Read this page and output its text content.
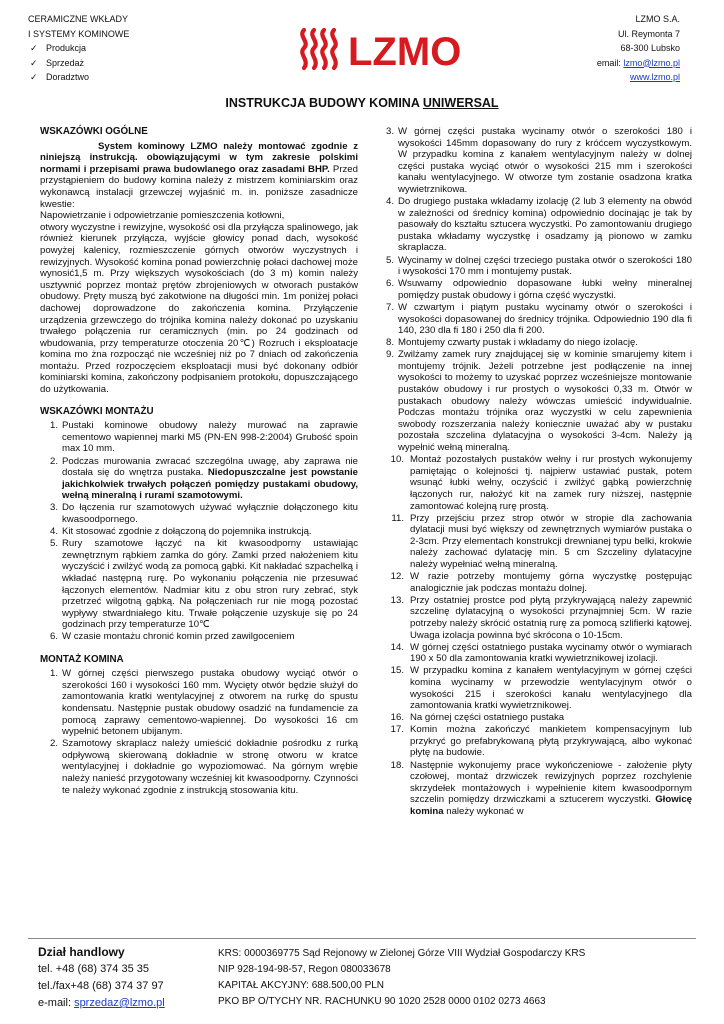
CERAMICZNE WKŁADY
I SYSTEMY KOMINOWE
✓ Produkcja
✓ Sprzedaż
✓ Doradztwo
LZMO
LZMO S.A.
Ul. Reymonta 7
68-300 Lubsko
email: lzmo@lzmo.pl
www.lzmo.pl
INSTRUKCJA BUDOWY KOMINA UNIWERSAL
WSKAZÓWKI OGÓLNE

System kominowy LZMO należy montować zgodnie z niniejszą instrukcją. obowiązującymi w tym zakresie polskimi normami i przepisami prawa budowlanego oraz zasadami BHP. Przed przystąpieniem do budowy komina należy z mistrzem kominiarskim oraz wykonawcą instalacji grzewczej wyjaśnić m. in. poniższe zasadnicze kwestie:

Napowietrzanie i odpowietrzanie pomieszczenia kotłowni,

otwory wyczystne i rewizyjne, wysokość osi dla przyłącza spalinowego, jak również kierunek przyłącza, wyjście głowicy ponad dach, wysokość powyżej kalenicy, rozmieszczenie górnych otworów wyczystnych i rewizyjnych. Wysokość komina ponad powierzchnię połaci dachowej może wynosić1,5 m. Przy większych wysokościach (do 3 m) komin należy usztywnić poprzez montaż prętów zbrojeniowych w otworach pustaków obudowy. Pręty muszą być zakotwione na długości min. 1m poniżej połaci dachowej doprowadzone do zakończenia komina. Przyłączenie urządzenia grzewczego do trójnika komina należy dokonać po uzyskaniu trwałego połączenia rur ceramicznych (min. po 24 godzinach od wbudowania, przy temperaturze otoczenia 20℃) Rozruch i eksploatacje komina mo żna rozpocząć nie wcześniej niż po 7 dniach od zakończenia montażu. Przed rozpoczęciem eksploatacji musi być dokonany odbiór kominiarski komina, zakończony podpisaniem protokołu, dopuszczającego do użytkowania.

WSKAZÓWKI MONTAŻU
1. Pustaki kominowe obudowy należy murować na zaprawie cementowo wapiennej marki M5 (PN-EN 998-2:2004) Grubość spoin max 10 mm.
2. Podczas murowania zwracać szczególna uwagę, aby zaprawa nie dostała się do wnętrza pustaka. Niedopuszczalne jest powstanie jakichkolwiek trwałych połączeń pomiędzy pustakami obudowy, wełną mineralną i rurami szamotowymi.
3. Do łączenia rur szamotowych używać wyłącznie dołączonego kitu kwasoodpornego.
4. Kit stosować zgodnie z dołączoną do pojemnika instrukcją.
5. Rury szamotowe łączyć na kit kwasoodporny ustawiając zewnętrznym rąbkiem zamka do góry. Zamki przed nałożeniem kitu wyczyścić i zwilżyć wodą za pomocą gąbki. Kit nakładać szpachelką i wkładać następną rurę. Po wykonaniu połączenia nie przesuwać łączonych elementów. Nadmiar kitu z obu stron rury zebrać, styk przetrzeć wilgotną gąbką. Na połączeniach rur nie mogą pozostać wypływy stwardniałego kitu. Trwałe połączenie uzyskuje się po 24 godzinach przy temperaturze 10℃
6. W czasie montażu chronić komin przed zawilgoceniem
MONTAŻ KOMINA
1. W górnej części pierwszego pustaka obudowy wyciąć otwór o szerokości 160 i wysokości 160 mm. Wycięty otwór będzie służył do zamontowania kratki wentylacyjnej z otworem na rurkę do spustu kondensatu. Następnie pustak obudowy osadzić na fundamencie za pomocą zaprawy cementowo-wapiennej. Do wysokości 16 cm wypełnić betonem ubijanym.
2. Szamotowy skraplacz należy umieścić dokładnie pośrodku z rurką odpływową skierowaną dokładnie w stronę otworu w kratce wentylacyjnej i dokładnie go wypoziomować. Na górnym wrębie należy nanieść przygotowany wcześniej kit kwasoodporny. Czynności te należy wykonać zgodnie z instrukcją stosowania kitu.
3. W górnej części pustaka wycinamy otwór o szerokości 180 i wysokości 145mm dopasowany do rury z króćcem wyczystkowym. W przypadku komina z kanałem wentylacyjnym należy w dolnej części pustaka wyciąć otwór o wysokości 215 mm i szerokości kanału wentylacyjnego. W otworze tym zostanie osadzona kratka wywietrznikowa.
4. Do drugiego pustaka wkładamy izolację (2 lub 3 elementy na obwód w zależności od średnicy komina) odpowiednio docinając je tak by pasowały do kształtu sztucera wyczystki. Po zamontowaniu drugiego pustaka wkładamy wyczystkę i osadzamy ją pionowo w zamku skraplacza.
5. Wycinamy w dolnej części trzeciego pustaka otwór o szerokości 180 i wysokości 170 mm i montujemy pustak.
6. Wsuwamy odpowiednio dopasowane łubki wełny mineralnej pomiędzy pustak obudowy i górna część wyczystki.
7. W czwartym i piątym pustaku wycinamy otwór o szerokości i wysokości dopasowanej do średnicy trójnika. Odpowiednio 190 dla fi 140, 230 dla fi 180 i 250 dla fi 200.
8. Montujemy czwarty pustak i wkładamy do niego izolację.
9. Zwilżamy zamek rury znajdującej się w kominie smarujemy kitem i montujemy trójnik. Jeżeli potrzebne jest podłączenie na innej wysokości to możemy to uzyskać poprzez wcześniejsze montowanie pustaków obudowy i rur prostych o wysokości 0,33 m. Otwór w pustakach obudowy należy wówczas umieścić indywidualnie. Podczas montażu trójnika oraz wyczystki w celu zapewnienia swobody rozszerzania należy koniecznie uważać aby w pustaku pozostała szczelina dylatacyjna o wysokości 3-4cm. Należy ją wypełnić wełną mineralną.
10. Montaż pozostałych pustaków wełny i rur prostych wykonujemy pamiętając o kolejności tj. najpierw ustawiać pustak, potem wsunąć łubki wełny, oczyścić i zwilżyć gąbką powierzchnię łączonych rur, nałożyć kit na zamek rury niższej, następnie zamontować kolejną rurę prostą.
11. Przy przejściu przez strop otwór w stropie dla zachowania dylatacji musi być większy od zewnętrznych wymiarów pustaka o 2-3cm. Przy elementach konstrukcji drewnianej typu belki, krokwie należy zachować dylatację min. 5 cm Szczeliny dylatacyjne należy wypełniać wełną mineralną.
12. W razie potrzeby montujemy górna wyczystkę postępując analogicznie jak podczas montażu dolnej.
13. Przy ostatniej prostce pod płytą przykrywającą należy zapewnić szczelinę dylatacyjną o wysokości przynajmniej 5cm. W razie potrzeby należy skrócić ostatnią rurę za pomocą szlifierki kątowej. Uwaga izolacja powinna być skrócona o 10-15cm.
14. W górnej części ostatniego pustaka wycinamy otwór o wymiarach 190 x 50 dla zamontowania kratki wywietrznikowej izolacji.
15. W przypadku komina z kanałem wentylacyjnym w górnej części komina wycinamy w przewodzie wentylacyjnym otwór o wysokości 215 i szerokości kanału wentylacyjnego dla zamontowania kratki wywietrznikowej.
16. Na górnej części ostatniego pustaka
17. Komin można zakończyć mankietem kompensacyjnym lub przykryć go prefabrykowaną płytą przykrywającą, albo wykonać płytę na budowie.
18. Następnie wykonujemy prace wykończeniowe - założenie płyty czołowej, montaż drzwiczek rewizyjnych poprzez rozchylenie skrzydełek montażowych i wypełnienie kitem kwasoodpornym szczelin pomiędzy drzwiczkami a sztucerem wyczystki. Głowicę komina należy wykonać w
Dział handlowy
tel. +48 (68) 374 35 35
tel./fax+48 (68) 374 37 97
e-mail: sprzedaz@lzmo.pl
KRS: 0000369775 Sąd Rejonowy w Zielonej Górze VIII Wydział Gospodarczy KRS
NIP 928-194-98-57, Regon 080033678
KAPITAŁ AKCYJNY: 688.500,00 PLN
PKO BP O/TYCHY NR. RACHUNKU 90 1020 2528 0000 0102 0273 4663
